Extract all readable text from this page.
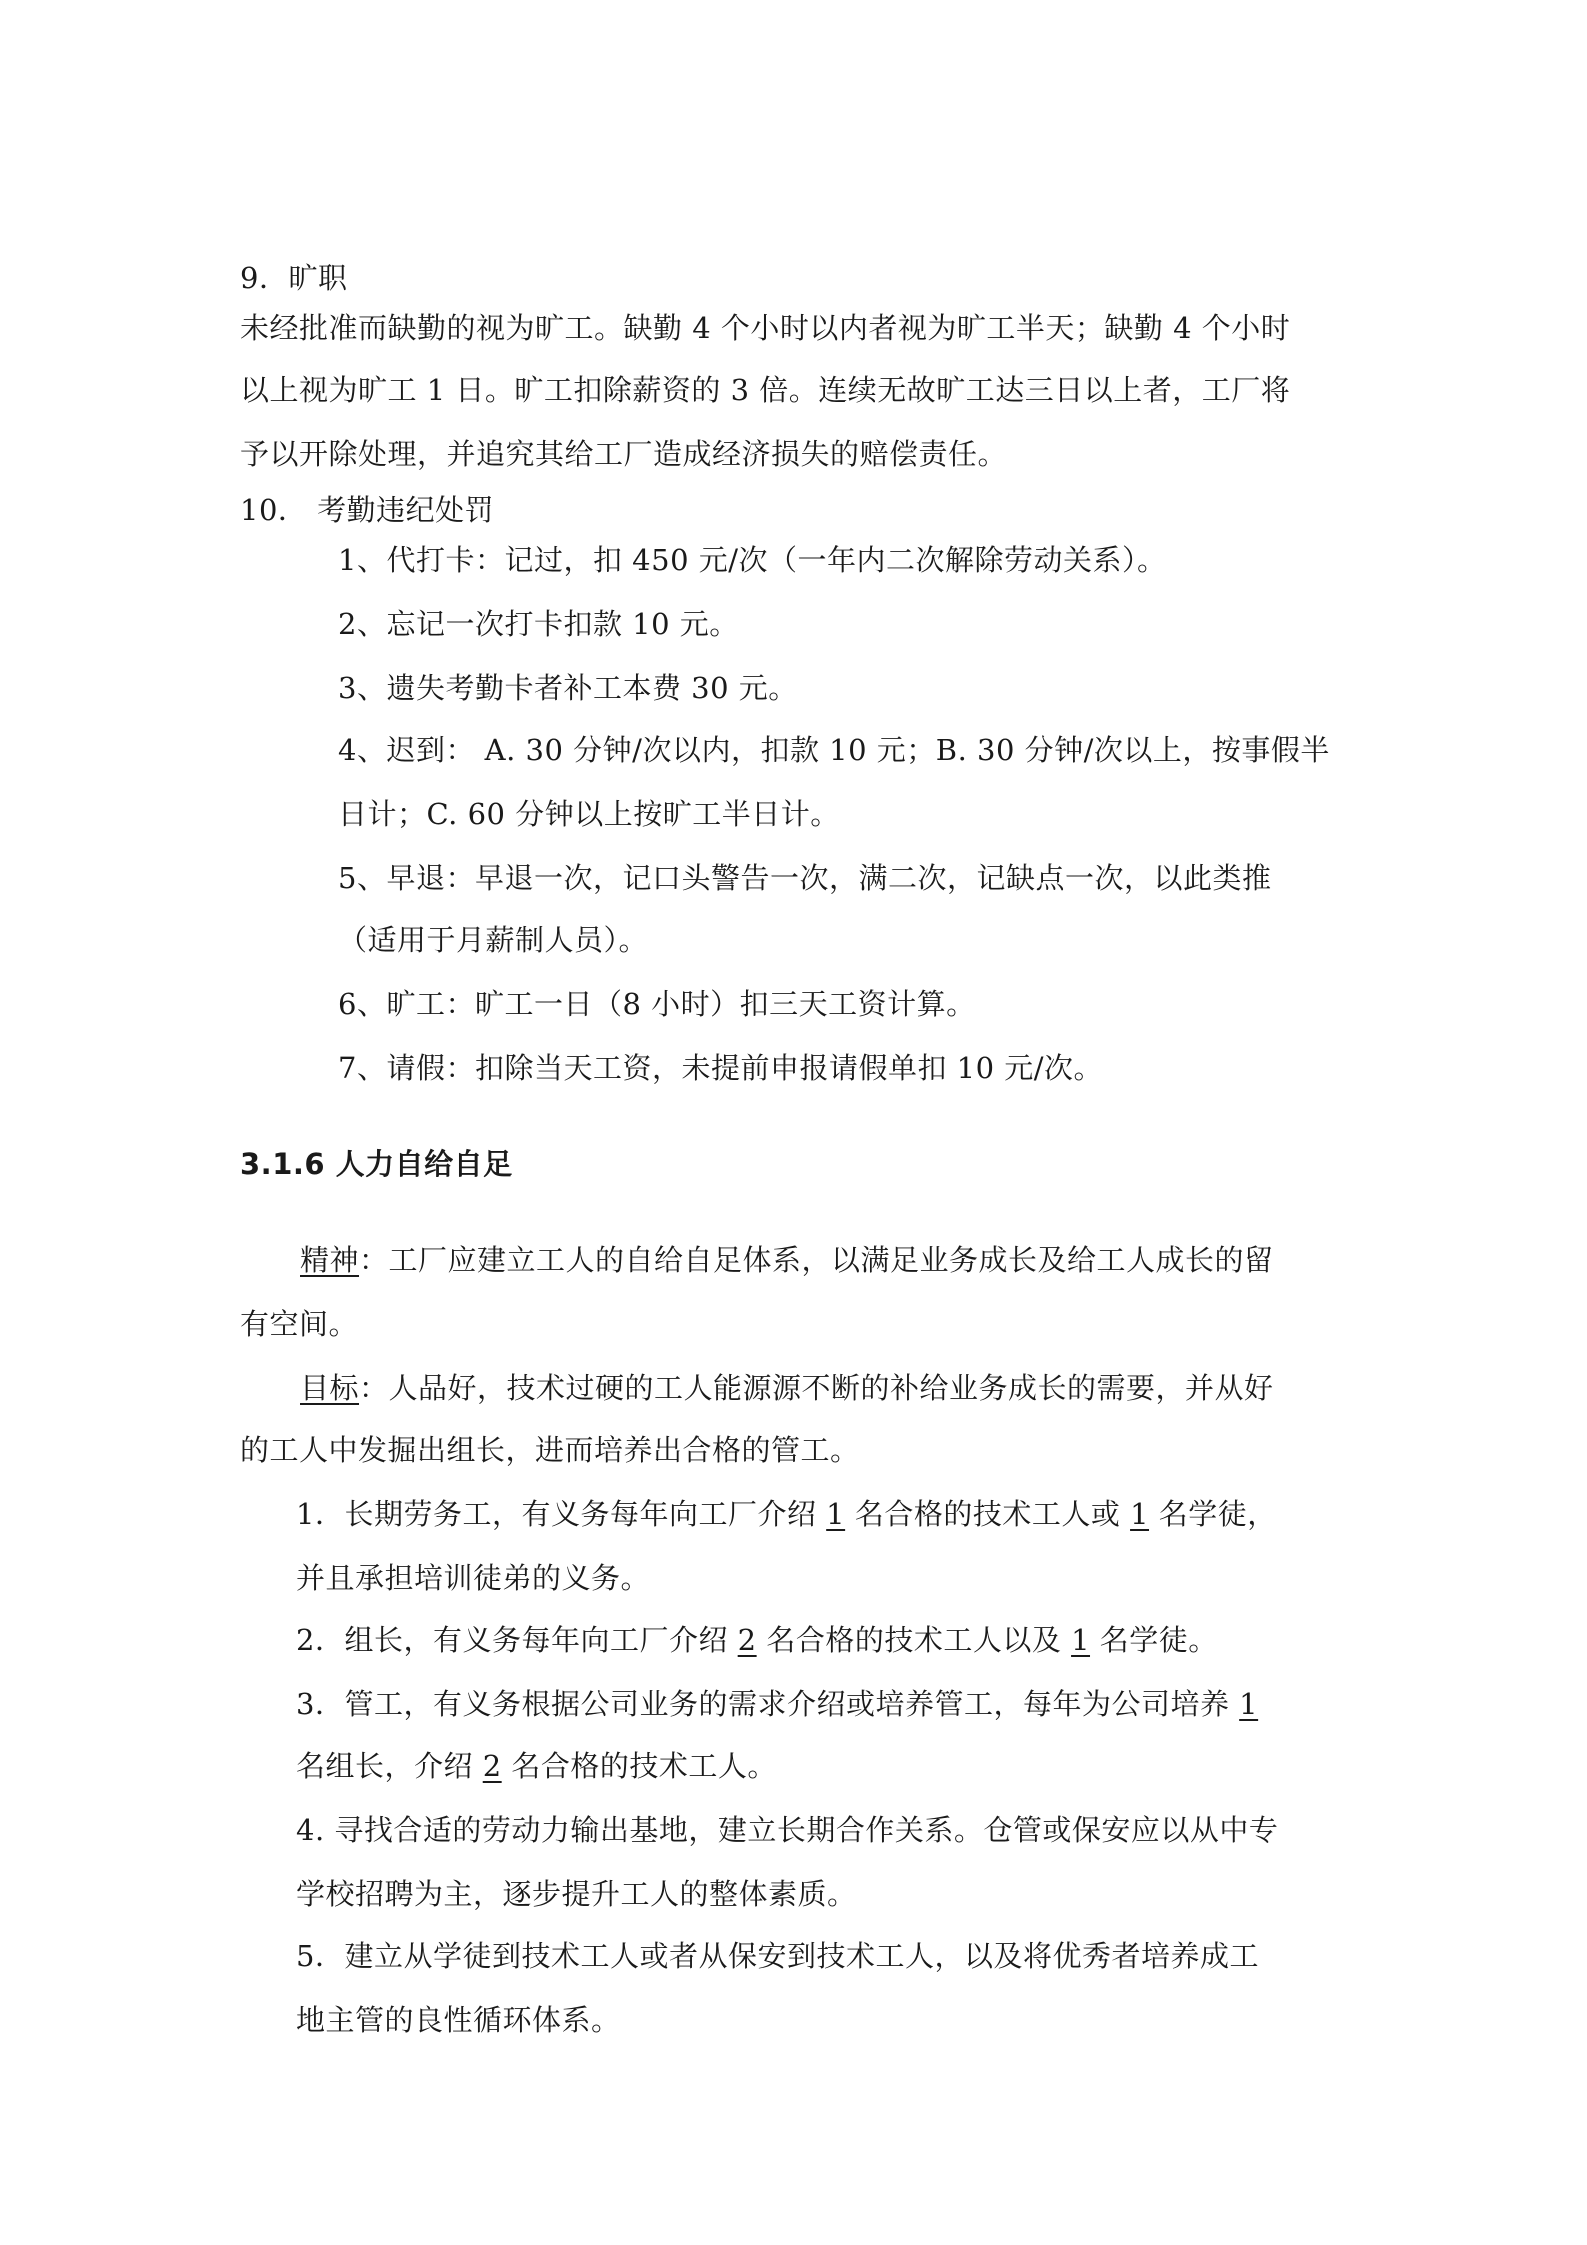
9．旷职
未经批准而缺勤的视为旷工。缺勤 4 个小时以内者视为旷工半天；缺勤 4 个小时
以上视为旷工 1 日。旷工扣除薪资的 3 倍。连续无故旷工达三日以上者，工厂将
予以开除处理，并追究其给工厂造成经济损失的赔偿责任。
10． 考勤违纪处罚
1、代打卡：记过，扣 450 元/次（一年内二次解除劳动关系）。
2、忘记一次打卡扣款 10 元。
3、遗失考勤卡者补工本费 30 元。
4、迟到： A. 30 分钟/次以内，扣款 10 元；B. 30 分钟/次以上，按事假半
日计；C. 60 分钟以上按旷工半日计。
5、早退：早退一次，记口头警告一次，满二次，记缺点一次，以此类推
（适用于月薪制人员）。
6、旷工：旷工一日（8 小时）扣三天工资计算。
7、请假：扣除当天工资，未提前申报请假单扣 10 元/次。
3.1.6 人力自给自足
精神：工厂应建立工人的自给自足体系，以满足业务成长及给工人成长的留
有空间。
目标：人品好，技术过硬的工人能源源不断的补给业务成长的需要，并从好
的工人中发掘出组长，进而培养出合格的管工。
1．长期劳务工，有义务每年向工厂介绍 1 名合格的技术工人或 1 名学徒，
并且承担培训徒弟的义务。
2．组长，有义务每年向工厂介绍 2 名合格的技术工人以及 1 名学徒。
3．管工，有义务根据公司业务的需求介绍或培养管工，每年为公司培养 1
名组长，介绍 2 名合格的技术工人。
4. 寻找合适的劳动力输出基地，建立长期合作关系。仓管或保安应以从中专
学校招聘为主，逐步提升工人的整体素质。
5．建立从学徒到技术工人或者从保安到技术工人，以及将优秀者培养成工
地主管的良性循环体系。
